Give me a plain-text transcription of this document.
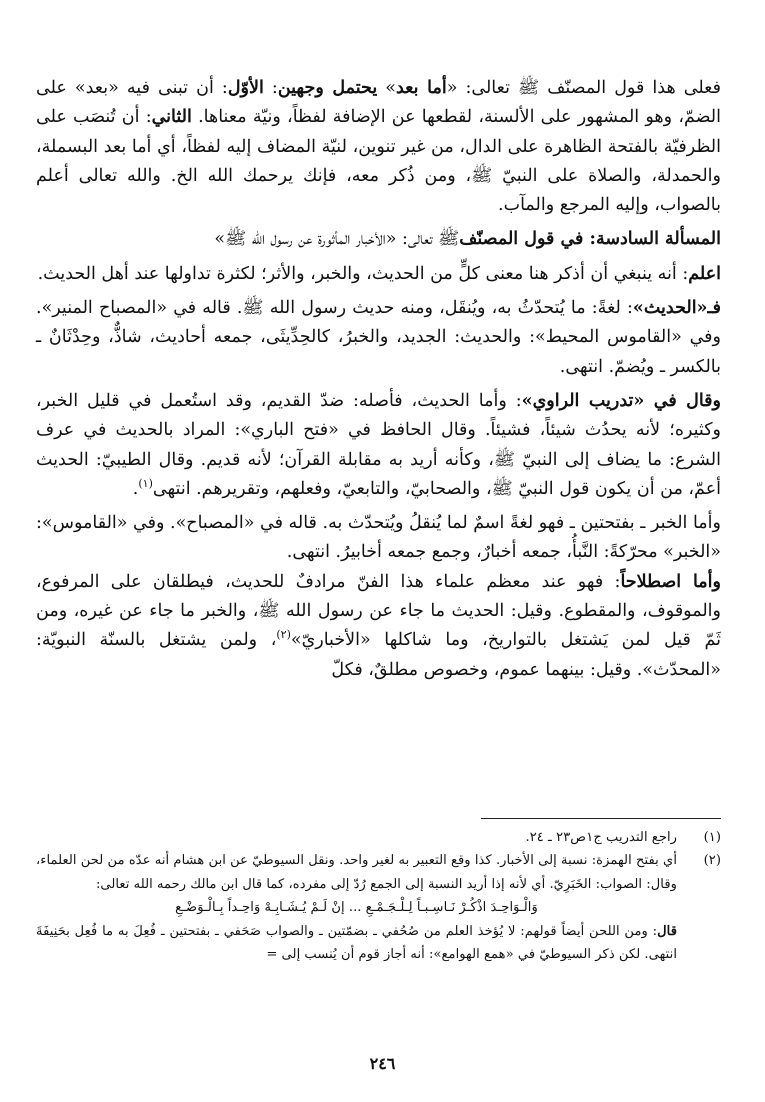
فعلى هذا قول المصنّف ﷺ تعالى: «أما بعد» يحتمل وجهين: الأوّل: أن تبنى فيه «بعد» على الضمّ، وهو المشهور على الألسنة، لقطعها عن الإضافة لفظاً، ونيّة معناها. الثاني: أن تُنصَب على الظرفيّة بالفتحة الظاهرة على الدال، من غير تنوين، لنيّة المضاف إليه لفظاً، أي أما بعد البسملة، والحمدلة، والصلاة على النبيّ ﷺ، ومن ذُكر معه، فإنك يرحمك الله الخ. والله تعالى أعلم بالصواب، وإليه المرجع والمآب.

المسألة السادسة: في قول المصنّفﷺ تعالى: «الأخبار المأثورة عن رسول الله ﷺ»

اعلم: أنه ينبغي أن أذكر هنا معنى كلٍّ من الحديث، والخبر، والأثر؛ لكثرة تداولها عند أهل الحديث.

فـ«الحديث»: لغةً: ما يُتحدّثُ به، ويُنقَل، ومنه حديث رسول الله ﷺ. قاله في «المصباح المنير». وفي «القاموس المحيط»: والحديث: الجديد، والخبرُ، كالحِدِّيثَى، جمعه أحاديث، شاذٌّ، وحِدْثَانٌ ـ بالكسر ـ ويُضمّ. انتهى.

وقال في «تدريب الراوي»: وأما الحديث، فأصله: ضدّ القديم، وقد استُعمل في قليل الخبر، وكثيره؛ لأنه يحدُث شيئاً، فشيئاً. وقال الحافظ في «فتح الباري»: المراد بالحديث في عرف الشرع: ما يضاف إلى النبيّ ﷺ، وكأنه أريد به مقابلة القرآن؛ لأنه قديم. وقال الطيبيّ: الحديث أعمّ، من أن يكون قول النبيّ ﷺ، والصحابيّ، والتابعيّ، وفعلهم، وتقريرهم. انتهى$^{(١)}$.

وأما الخبر ـ بفتحتين ـ فهو لغةً اسمٌ لما يُنقلُ ويُتحدّث به. قاله في «المصباح». وفي «القاموس»: «الخبر» محرّكةً: النَّبأُ، جمعه أخبارٌ، وجمع جمعه أخابيرُ. انتهى.

وأما اصطلاحاً: فهو عند معظم علماء هذا الفنّ مرادفٌ للحديث، فيطلقان على المرفوع، والموقوف، والمقطوع. وقيل: الحديث ما جاء عن رسول الله ﷺ، والخبر ما جاء عن غيره، ومن ثَمّ قيل لمن يَشتغل بالتواريخ، وما شاكلها «الأخباريّ»$^{(٢)}$، ولمن يشتغل بالسنّة النبويّة: «المحدّث». وقيل: بينهما عموم، وخصوص مطلقٌ، فكلّ

(١)
راجع التدريب ج١ص٢٣ ـ ٢٤.
(٢)
أي بفتح الهمزة: نسبة إلى الأخبار. كذا وقع التعبير به لغير واحد. ونقل السيوطيّ عن ابن هشام أنه عدّه من لحن العلماء، وقال: الصواب: الخَبَرِيّ. أي لأنه إذا أريد النسبة إلى الجمع رُدّ إلى مفرده، كما قال ابن مالك رحمه الله تعالى:
وَالْـوَاحِـدَ اذْكُـرْ نَـاسِـبـاً لِـلْـجَـمْـعِ ... إنْ لَـمْ يُـشَـابِـهْ وَاحِـداً بِـالْـوَضْـعِ
قال: ومن اللحن أيضاً قولهم: لا يُؤخذ العلم من صُحُفي ـ بضمّتين ـ والصواب صَحَفي ـ بفتحتين ـ فُعِلَ به ما فُعِل بحَنِيفَةَ انتهى. لكن ذكر السيوطيّ في «همع الهوامع»: أنه أجاز قوم أن يُنسب إلى =
٢٤٦
